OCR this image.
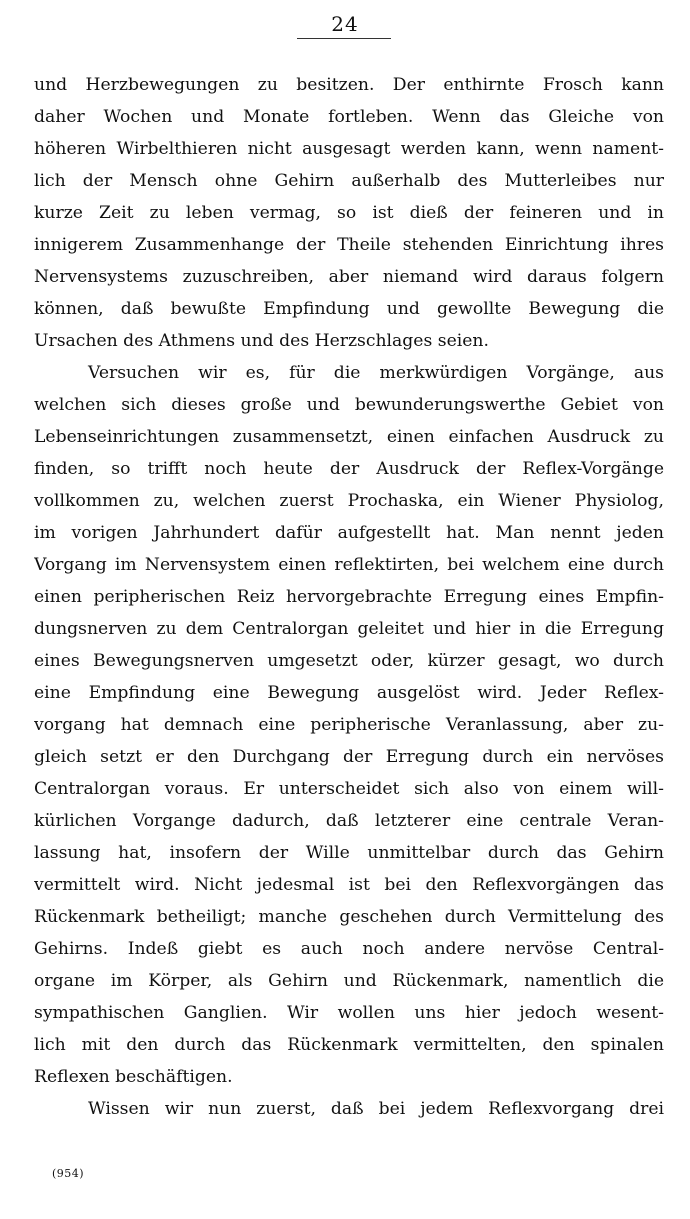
24
und Herzbewegungen zu besitzen. Der enthirnte Frosch kann
daher Wochen und Monate fortleben. Wenn das Gleiche von
höheren Wirbelthieren nicht ausgesagt werden kann, wenn nament-
lich der Mensch ohne Gehirn außerhalb des Mutterleibes nur
kurze Zeit zu leben vermag, so ist dieß der feineren und in
innigerem Zusammenhange der Theile stehenden Einrichtung ihres
Nervensystems zuzuschreiben, aber niemand wird daraus folgern
können, daß bewußte Empfindung und gewollte Bewegung die
Ursachen des Athmens und des Herzschlages seien.
Versuchen wir es, für die merkwürdigen Vorgänge, aus
welchen sich dieses große und bewunderungswerthe Gebiet von
Lebenseinrichtungen zusammensetzt, einen einfachen Ausdruck zu
finden, so trifft noch heute der Ausdruck der Reflex-Vorgänge
vollkommen zu, welchen zuerst Prochaska, ein Wiener Physiolog,
im vorigen Jahrhundert dafür aufgestellt hat. Man nennt jeden
Vorgang im Nervensystem einen reflektirten, bei welchem eine durch
einen peripherischen Reiz hervorgebrachte Erregung eines Empfin-
dungsnerven zu dem Centralorgan geleitet und hier in die Erregung
eines Bewegungsnerven umgesetzt oder, kürzer gesagt, wo durch
eine Empfindung eine Bewegung ausgelöst wird. Jeder Reflex-
vorgang hat demnach eine peripherische Veranlassung, aber zu-
gleich setzt er den Durchgang der Erregung durch ein nervöses
Centralorgan voraus. Er unterscheidet sich also von einem will-
kürlichen Vorgange dadurch, daß letzterer eine centrale Veran-
lassung hat, insofern der Wille unmittelbar durch das Gehirn
vermittelt wird. Nicht jedesmal ist bei den Reflexvorgängen das
Rückenmark betheiligt; manche geschehen durch Vermittelung des
Gehirns. Indeß giebt es auch noch andere nervöse Central-
organe im Körper, als Gehirn und Rückenmark, namentlich die
sympathischen Ganglien. Wir wollen uns hier jedoch wesent-
lich mit den durch das Rückenmark vermittelten, den spinalen
Reflexen beschäftigen.
Wissen wir nun zuerst, daß bei jedem Reflexvorgang drei
(954)
